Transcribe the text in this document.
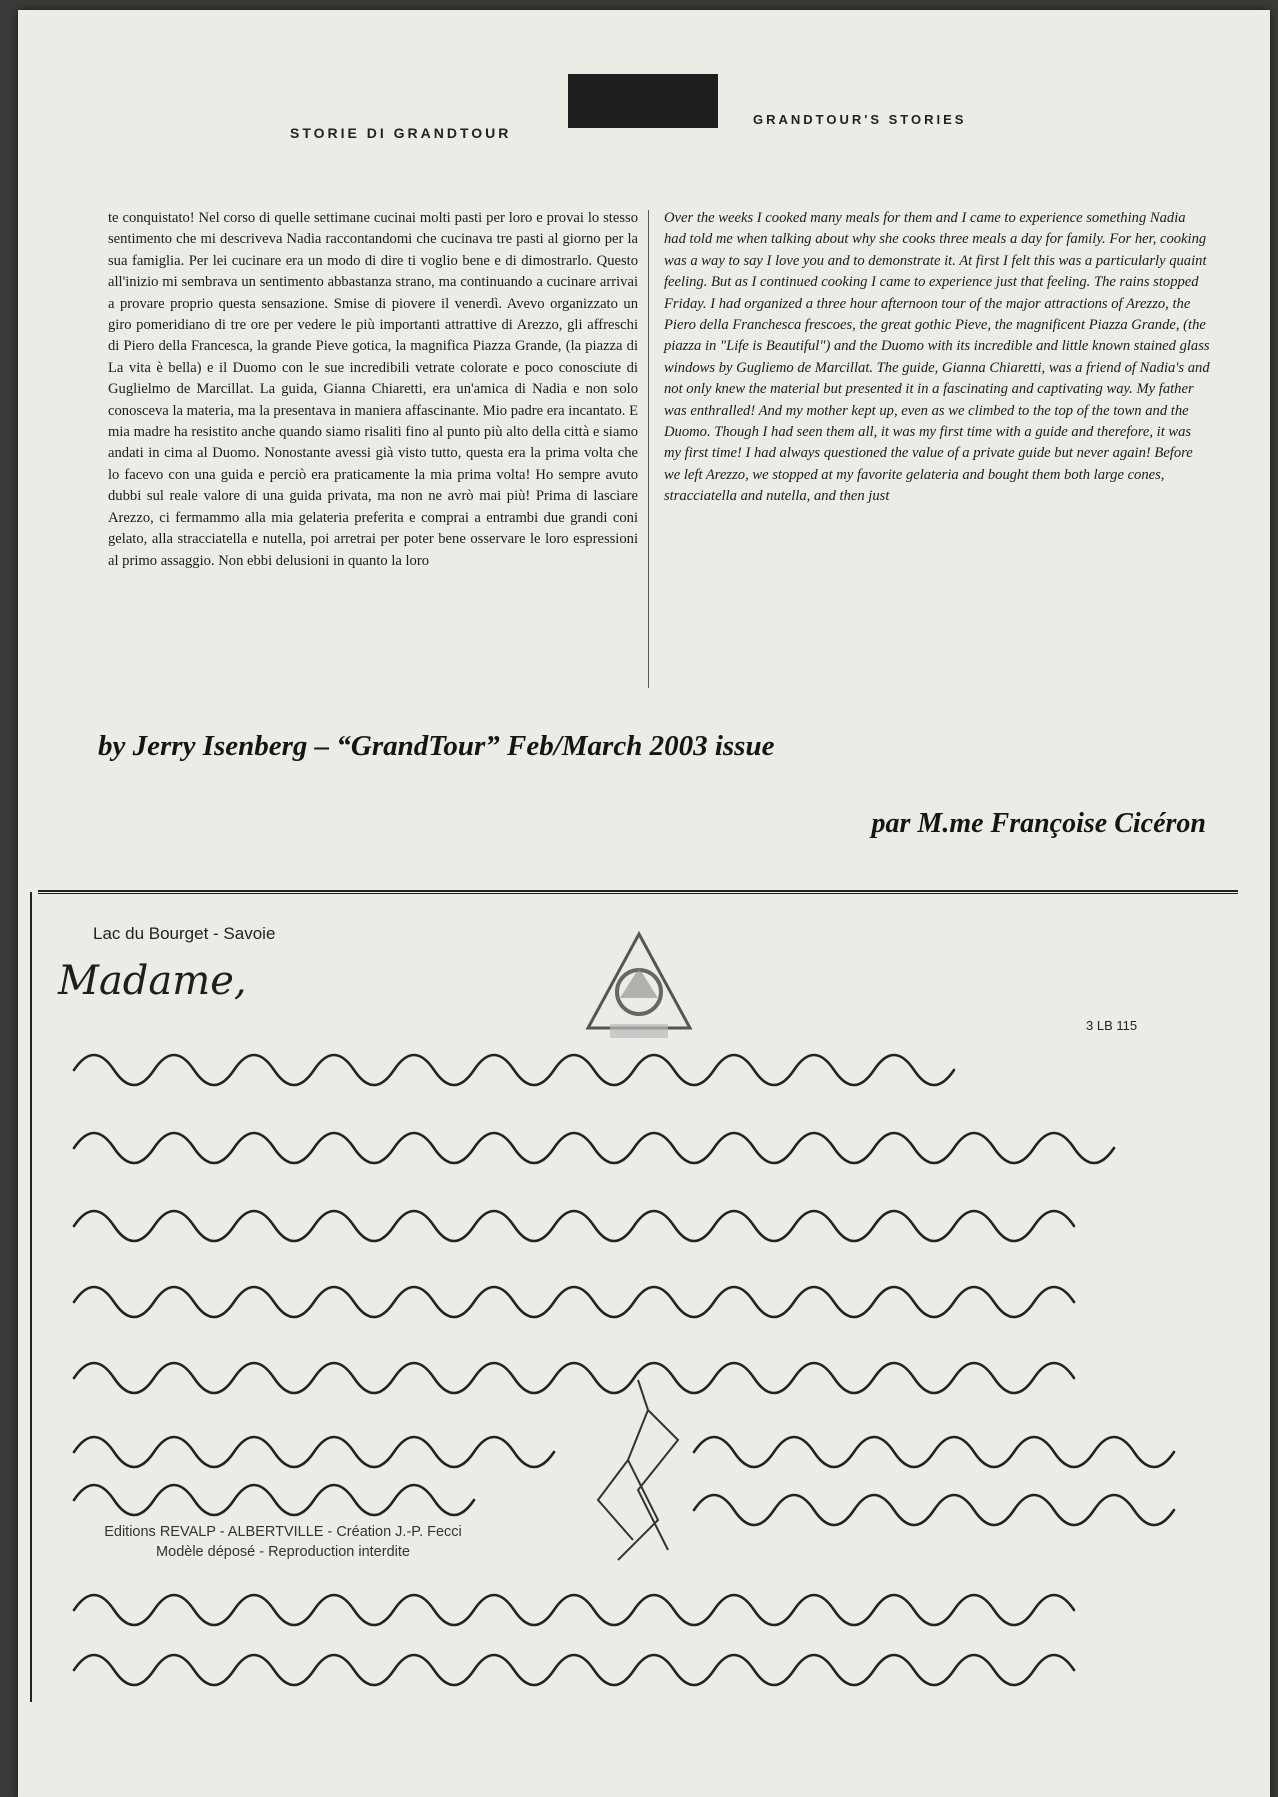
STORIE DI GRANDTOUR
GRANDTOUR'S STORIES
te conquistato! Nel corso di quelle settimane cucinai molti pasti per loro e provai lo stesso sentimento che mi descriveva Nadia raccontandomi che cucinava tre pasti al giorno per la sua famiglia. Per lei cucinare era un modo di dire ti voglio bene e di dimostrarlo. Questo all'inizio mi sembrava un sentimento abbastanza strano, ma continuando a cucinare arrivai a provare proprio questa sensazione. Smise di piovere il venerdì. Avevo organizzato un giro pomeridiano di tre ore per vedere le più importanti attrattive di Arezzo, gli affreschi di Piero della Francesca, la grande Pieve gotica, la magnifica Piazza Grande, (la piazza di La vita è bella) e il Duomo con le sue incredibili vetrate colorate e poco conosciute di Guglielmo de Marcillat. La guida, Gianna Chiaretti, era un'amica di Nadia e non solo conosceva la materia, ma la presentava in maniera affascinante. Mio padre era incantato. E mia madre ha resistito anche quando siamo risaliti fino al punto più alto della città e siamo andati in cima al Duomo. Nonostante avessi già visto tutto, questa era la prima volta che lo facevo con una guida e perciò era praticamente la mia prima volta! Ho sempre avuto dubbi sul reale valore di una guida privata, ma non ne avrò mai più! Prima di lasciare Arezzo, ci fermammo alla mia gelateria preferita e comprai a entrambi due grandi coni gelato, alla stracciatella e nutella, poi arretrai per poter bene osservare le loro espressioni al primo assaggio. Non ebbi delusioni in quanto la loro
Over the weeks I cooked many meals for them and I came to experience something Nadia had told me when talking about why she cooks three meals a day for family. For her, cooking was a way to say I love you and to demonstrate it. At first I felt this was a particularly quaint feeling. But as I continued cooking I came to experience just that feeling. The rains stopped Friday. I had organized a three hour afternoon tour of the major attractions of Arezzo, the Piero della Franchesca frescoes, the great gothic Pieve, the magnificent Piazza Grande, (the piazza in "Life is Beautiful") and the Duomo with its incredible and little known stained glass windows by Gugliemo de Marcillat. The guide, Gianna Chiaretti, was a friend of Nadia's and not only knew the material but presented it in a fascinating and captivating way. My father was enthralled! And my mother kept up, even as we climbed to the top of the town and the Duomo. Though I had seen them all, it was my first time with a guide and therefore, it was my first time! I had always questioned the value of a private guide but never again! Before we left Arezzo, we stopped at my favorite gelateria and bought them both large cones, stracciatella and nutella, and then just
by Jerry Isenberg – “GrandTour” Feb/March 2003 issue
par M.me Françoise Cicéron
Lac du Bourget - Savoie
3 LB 115
Madame,
Editions REVALP - ALBERTVILLE - Création J.-P. Fecci
Modèle déposé - Reproduction interdite
